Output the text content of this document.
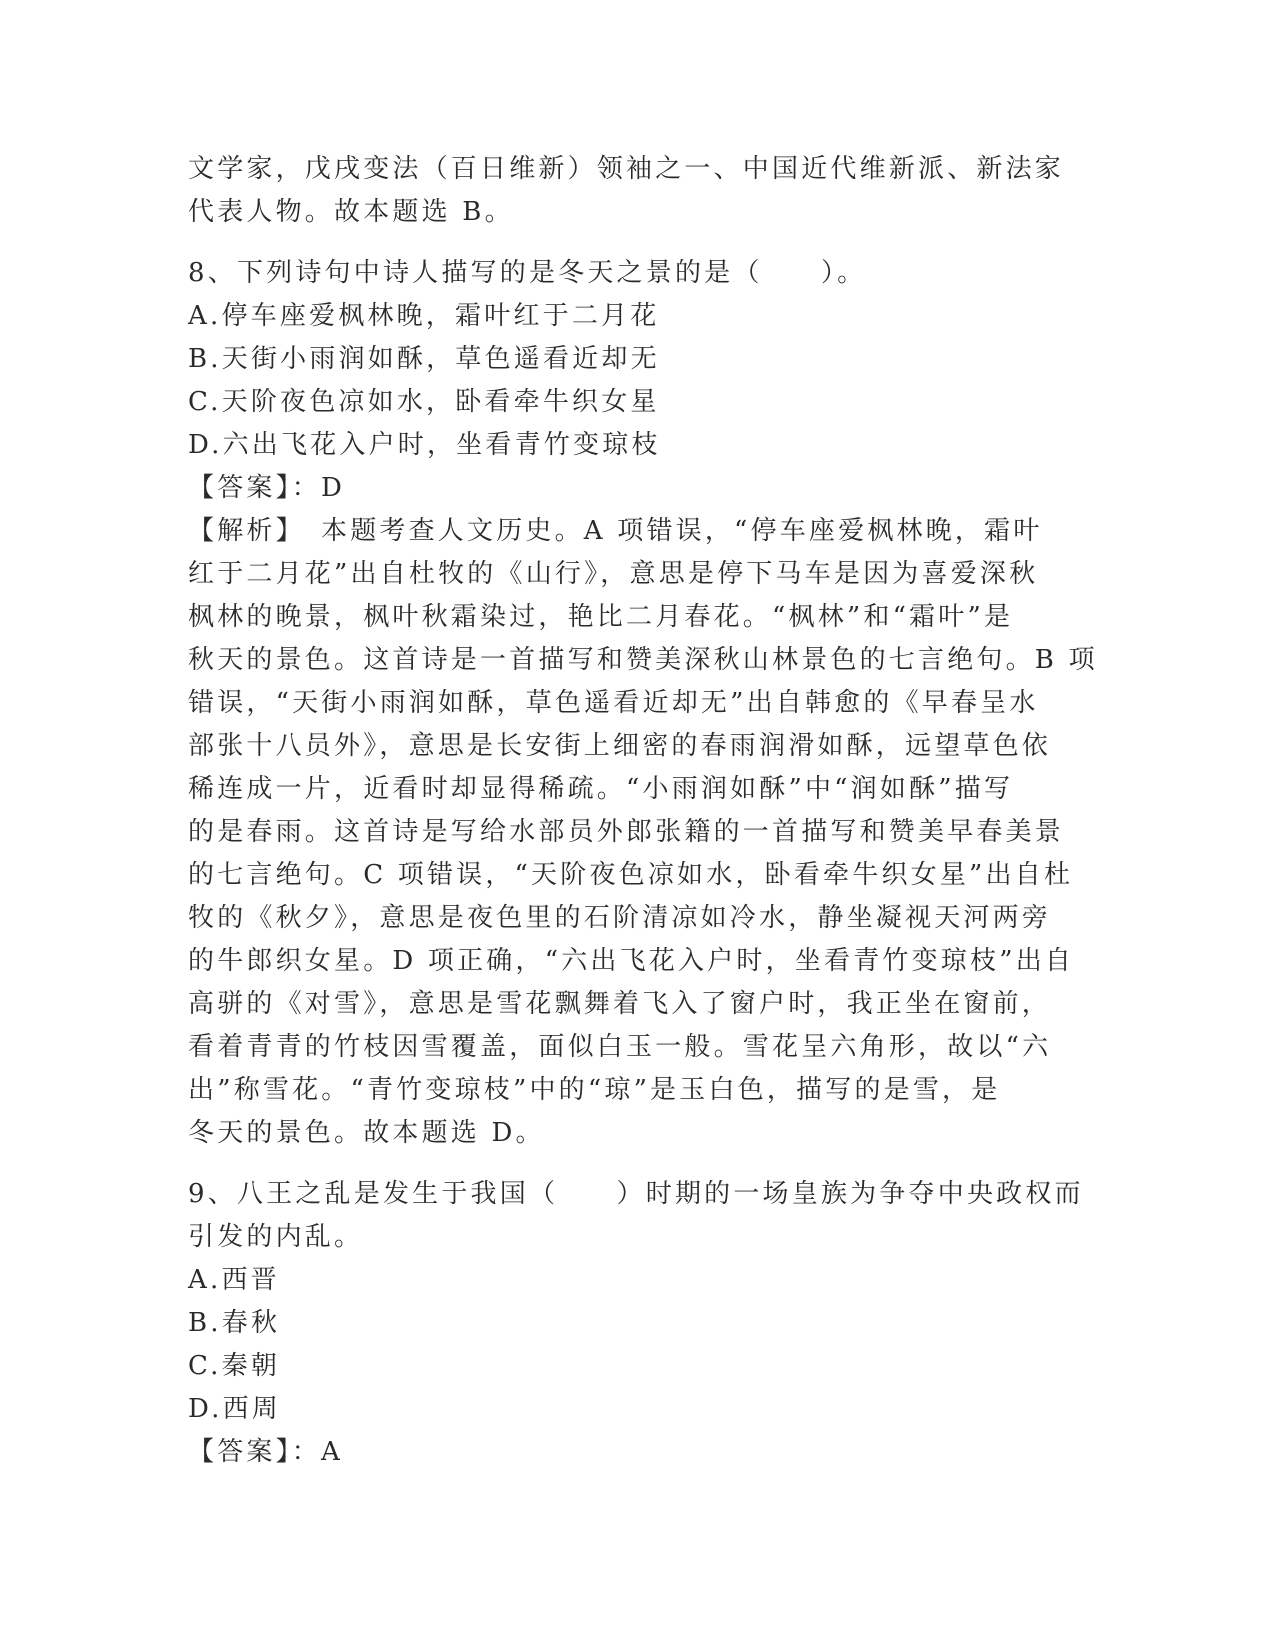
文学家，戊戌变法（百日维新）领袖之一、中国近代维新派、新法家
代表人物。故本题选 B。
8、下列诗句中诗人描写的是冬天之景的是（　　）。
A.停车座爱枫林晚，霜叶红于二月花
B.天街小雨润如酥，草色遥看近却无
C.天阶夜色凉如水，卧看牵牛织女星
D.六出飞花入户时，坐看青竹变琼枝
【答案】：D
【解析】　本题考查人文历史。A 项错误，“停车座爱枫林晚，霜叶
红于二月花”出自杜牧的《山行》，意思是停下马车是因为喜爱深秋
枫林的晚景，枫叶秋霜染过，艳比二月春花。“枫林”和“霜叶”是
秋天的景色。这首诗是一首描写和赞美深秋山林景色的七言绝句。B 项
错误，“天街小雨润如酥，草色遥看近却无”出自韩愈的《早春呈水
部张十八员外》，意思是长安街上细密的春雨润滑如酥，远望草色依
稀连成一片，近看时却显得稀疏。“小雨润如酥”中“润如酥”描写
的是春雨。这首诗是写给水部员外郎张籍的一首描写和赞美早春美景
的七言绝句。C 项错误，“天阶夜色凉如水，卧看牵牛织女星”出自杜
牧的《秋夕》，意思是夜色里的石阶清凉如冷水，静坐凝视天河两旁
的牛郎织女星。D 项正确，“六出飞花入户时，坐看青竹变琼枝”出自
高骈的《对雪》，意思是雪花飘舞着飞入了窗户时，我正坐在窗前，
看着青青的竹枝因雪覆盖，面似白玉一般。雪花呈六角形，故以“六
出”称雪花。“青竹变琼枝”中的“琼”是玉白色，描写的是雪，是
冬天的景色。故本题选 D。
9、八王之乱是发生于我国（　　）时期的一场皇族为争夺中央政权而
引发的内乱。
A.西晋
B.春秋
C.秦朝
D.西周
【答案】：A
